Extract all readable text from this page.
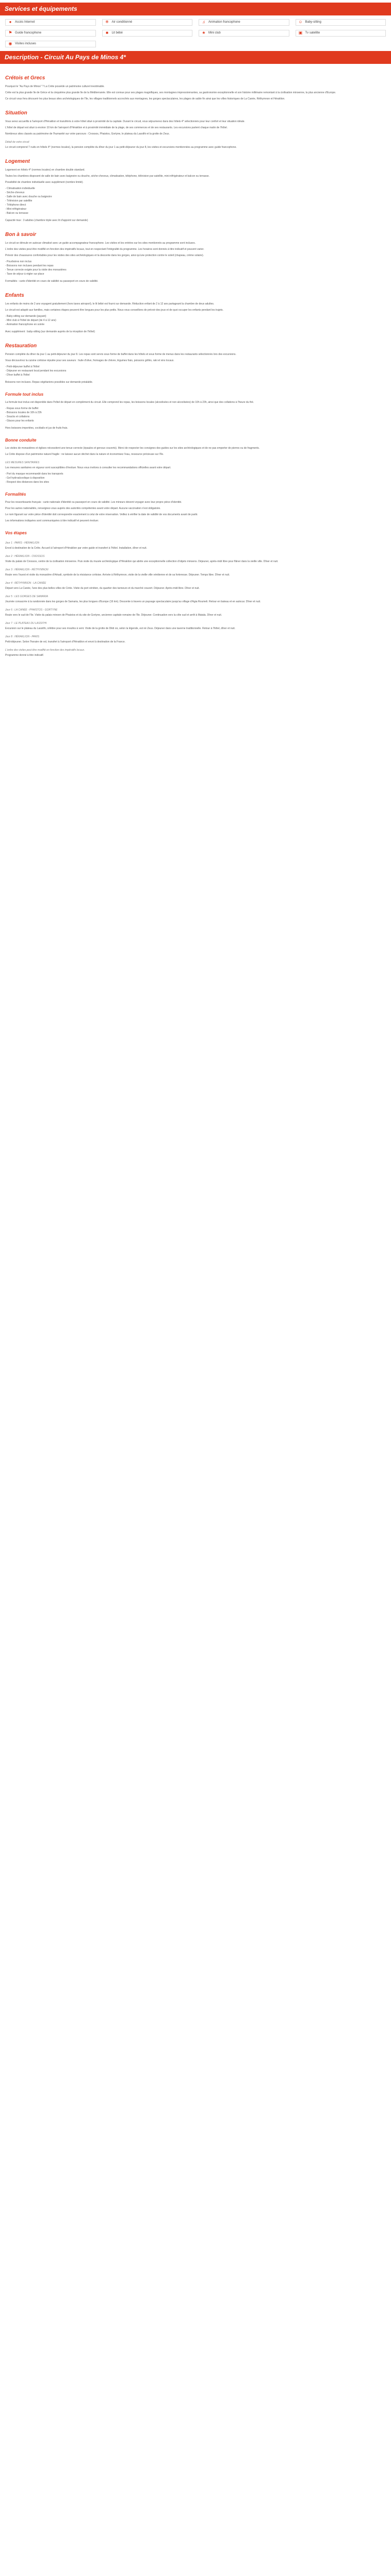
Services et équipements
●	Accès Internet	❄ Air conditionné	♫	Animation francophone	☺ Baby-sitting
⚑ Guide francophone	■	Lit bébé	★ Mini club	▣ Tv satellite
◉ Visites incluses
Description - Circuit Au Pays de Minos 4*
Crétois et Grecs

Pourquoi le "Au Pays de Minos" ? La Crète possède un patrimoine culturel inestimable.

Crète est la plus grande île de Grèce et la cinquième plus grande île de la Méditerranée. Elle est connue pour ses plages magnifiques, ses montagnes impressionnantes, sa gastronomie exceptionnelle et son histoire millénaire remontant à la civilisation minoenne, la plus ancienne d'Europe.

Ce circuit vous fera découvrir les plus beaux sites archéologiques de l'île, les villages traditionnels accrochés aux montagnes, les gorges spectaculaires, les plages de sable fin ainsi que les villes historiques de La Canée, Réthymnon et Héraklion.

Situation

Vous serez accueillis à l'aéroport d'Héraklion et transférés à votre hôtel situé à proximité de la capitale. Durant le circuit, vous séjournerez dans des hôtels 4* sélectionnés pour leur confort et leur situation idéale.

L'hôtel de départ est situé à environ 10 km de l'aéroport d'Héraklion et à proximité immédiate de la plage, de ses commerces et de ses restaurants. Les excursions partent chaque matin de l'hôtel.

Nombreux sites classés au patrimoine de l'humanité sur votre parcours : Cnossos, Phaistos, Gortyne, le plateau du Lassithi et la grotte de Zeus.

Détail de votre circuit

Le circuit comprend 7 nuits en hôtels 4* (normes locales), la pension complète du dîner du jour 1 au petit-déjeuner du jour 8, les visites et excursions mentionnées au programme avec guide francophone.

Logement

Logement en hôtels 4* (normes locales) en chambre double standard.

Toutes les chambres disposent de salle de bain avec baignoire ou douche, sèche-cheveux, climatisation, téléphone, télévision par satellite, mini-réfrigérateur et balcon ou terrasse.

Possibilité de chambre individuelle avec supplément (nombre limité).

- Climatisation individuelle
- Sèche-cheveux
- Salle de bain avec douche ou baignoire
- Télévision par satellite
- Téléphone direct
- Mini-réfrigérateur
- Balcon ou terrasse

Capacité max : 3 adultes (chambre triple avec lit d'appoint sur demande)

Bon à savoir

Le circuit se déroule en autocar climatisé avec un guide accompagnateur francophone. Les visites et les entrées sur les sites mentionnés au programme sont incluses.

L'ordre des visites peut être modifié en fonction des impératifs locaux, tout en respectant l'intégralité du programme. Les horaires sont donnés à titre indicatif et peuvent varier.

Prévoir des chaussures confortables pour les visites des sites archéologiques et la descente dans les gorges, ainsi qu'une protection contre le soleil (chapeau, crème solaire).

- Pourboires non inclus
- Boissons non incluses pendant les repas
- Tenue correcte exigée pour la visite des monastères
- Taxe de séjour à régler sur place

Formalités : carte d'identité en cours de validité ou passeport en cours de validité.

Enfants

Les enfants de moins de 2 ans voyagent gratuitement (hors taxes aéroport), le lit bébé est fourni sur demande. Réduction enfant de 2 à 12 ans partageant la chambre de deux adultes.

Le circuit est adapté aux familles, mais certaines étapes peuvent être longues pour les plus petits. Nous vous conseillons de prévoir des jeux et de quoi occuper les enfants pendant les trajets.

- Baby-sitting sur demande (payant)
- Mini club à l'hôtel de départ (de 4 à 12 ans)
- Animation francophone en soirée

Avec supplément : baby-sitting (sur demande auprès de la réception de l'hôtel)

Restauration

Pension complète du dîner du jour 1 au petit-déjeuner du jour 8. Les repas sont servis sous forme de buffet dans les hôtels et sous forme de menus dans les restaurants sélectionnés lors des excursions.

Vous découvrirez la cuisine crétoise réputée pour ses saveurs : huile d'olive, fromages de chèvre, légumes frais, poissons grillés, raki et vins locaux.

- Petit-déjeuner buffet à l'hôtel
- Déjeuner en restaurant local pendant les excursions
- Dîner buffet à l'hôtel

Boissons non incluses. Repas végétariens possibles sur demande préalable.

Formule tout inclus

La formule tout inclus est disponible dans l'hôtel de départ en complément du circuit. Elle comprend les repas, les boissons locales (alcoolisées et non alcoolisées) de 10h à 23h, ainsi que des collations à l'heure du thé.

- Repas sous forme de buffet
- Boissons locales de 10h à 23h
- Snacks et collations
- Glaces pour les enfants

Hors boissons importées, cocktails et jus de fruits frais.

Bonne conduite

Les visites de monastères et églises nécessitent une tenue correcte (épaules et genoux couverts). Merci de respecter les consignes des guides sur les sites archéologiques et de ne pas emporter de pierres ou de fragments.

La Crète dispose d'un patrimoine naturel fragile : ne laissez aucun déchet dans la nature et économisez l'eau, ressource précieuse sur l'île.

LES MESURES SANITAIRES

Les mesures sanitaires en vigueur sont susceptibles d'évoluer. Nous vous invitons à consulter les recommandations officielles avant votre départ.

- Port du masque recommandé dans les transports
- Gel hydroalcoolique à disposition
- Respect des distances dans les sites
Formalités

Pour les ressortissants français : carte nationale d'identité ou passeport en cours de validité. Les mineurs doivent voyager avec leur propre pièce d'identité.

Pour les autres nationalités, renseignez-vous auprès des autorités compétentes avant votre départ. Aucune vaccination n'est obligatoire.

Le nom figurant sur votre pièce d'identité doit correspondre exactement à celui de votre réservation. Veillez à vérifier la date de validité de vos documents avant de partir.

Les informations indiquées sont communiquées à titre indicatif et peuvent évoluer.

Vos étapes
Jour 1 : PARIS - HÉRAKLION

Envol à destination de la Crète. Accueil à l'aéroport d'Héraklion par votre guide et transfert à l'hôtel. Installation, dîner et nuit.

Jour 2 : HÉRAKLION - CNOSSOS

Visite du palais de Cnossos, centre de la civilisation minoenne. Puis visite du musée archéologique d'Héraklion qui abrite une exceptionnelle collection d'objets minoens. Déjeuner, après-midi libre pour flâner dans la vieille ville. Dîner et nuit.

Jour 3 : HÉRAKLION - RÉTHYMNON

Route vers l'ouest et visite du monastère d'Arkadi, symbole de la résistance crétoise. Arrivée à Réthymnon, visite de la vieille ville vénitienne et de sa forteresse. Déjeuner. Temps libre. Dîner et nuit.

Jour 4 : RÉTHYMNON - LA CANÉE

Départ vers La Canée, l'une des plus belles villes de Crète. Visite du port vénitien, du quartier des tanneurs et du marché couvert. Déjeuner. Après-midi libre. Dîner et nuit.

Jour 5 : LES GORGES DE SAMARIA

Journée consacrée à la randonnée dans les gorges de Samaria, les plus longues d'Europe (16 km). Descente à travers un paysage spectaculaire jusqu'au village d'Agia Roumeli. Retour en bateau et en autocar. Dîner et nuit.

Jour 6 : LA CANÉE - PHAISTOS - GORTYNE

Route vers le sud de l'île. Visite du palais minoen de Phaistos et du site de Gortyne, ancienne capitale romaine de l'île. Déjeuner. Continuation vers la côte sud et arrêt à Matala. Dîner et nuit.

Jour 7 : LE PLATEAU DU LASSITHI

Excursion sur le plateau du Lassithi, célèbre pour ses moulins à vent. Visite de la grotte de Dikti où, selon la légende, est né Zeus. Déjeuner dans une taverne traditionnelle. Retour à l'hôtel, dîner et nuit.

Jour 8 : HÉRAKLION - PARIS

Petit-déjeuner. Selon l'horaire de vol, transfert à l'aéroport d'Héraklion et envol à destination de la France.

L'ordre des visites peut être modifié en fonction des impératifs locaux.

Programme donné à titre indicatif.
